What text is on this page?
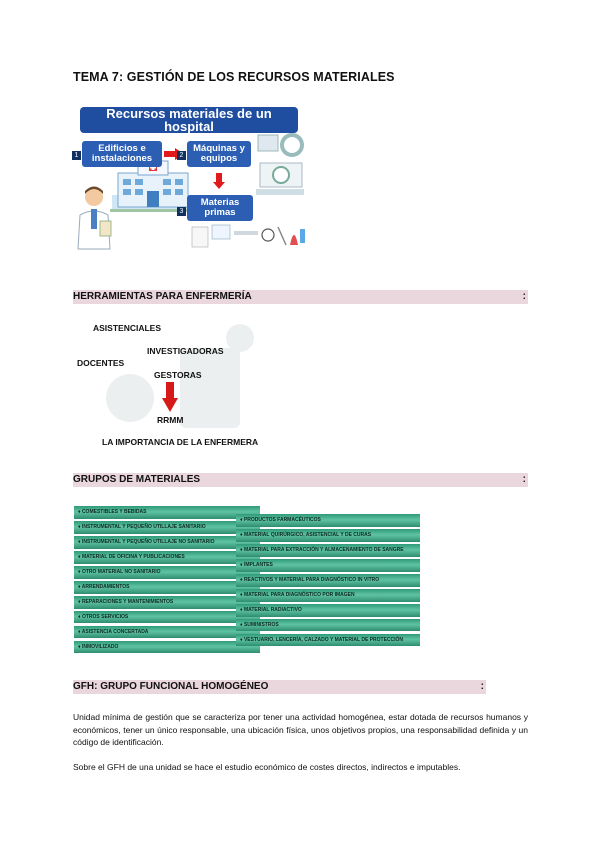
TEMA 7: GESTIÓN DE LOS RECURSOS MATERIALES
Recursos materiales de un hospital
1
Edificios e instalaciones	2
Máquinas y equipos
3
Materias primas
HERRAMIENTAS PARA ENFERMERÍA	:
ASISTENCIALES
INVESTIGADORAS
DOCENTES
GESTORAS
RRMM
LA IMPORTANCIA DE LA ENFERMERA
GRUPOS DE MATERIALES	:
♦ COMESTIBLES Y BEBIDAS
♦ INSTRUMENTAL Y PEQUEÑO UTILLAJE SANITARIO
♦ INSTRUMENTAL Y PEQUEÑO UTILLAJE NO SANITARIO
♦ MATERIAL DE OFICINA Y PUBLICACIONES
♦ OTRO MATERIAL NO SANITARIO
♦ ARRENDAMIENTOS
♦ REPARACIONES Y MANTENIMIENTOS
♦ OTROS SERVICIOS
♦ ASISTENCIA CONCERTADA
♦ INMOVILIZADO
♦ PRODUCTOS FARMACÉUTICOS
♦ MATERIAL QUIRÚRGICO, ASISTENCIAL Y DE CURAS
♦ MATERIAL PARA EXTRACCIÓN Y ALMACENAMIENTO DE SANGRE
♦ IMPLANTES
♦ REACTIVOS Y MATERIAL PARA DIAGNÓSTICO IN VITRO
♦ MATERIAL PARA DIAGNÓSTICO POR IMAGEN
♦ MATERIAL RADIACTIVO
♦ SUMINISTROS
♦ VESTUARIO, LENCERÍA, CALZADO Y MATERIAL DE PROTECCIÓN
GFH: GRUPO FUNCIONAL HOMOGÉNEO	:
Unidad mínima de gestión que se caracteriza por tener una actividad homogénea, estar dotada de recursos humanos y económicos, tener un único responsable, una ubicación física, unos objetivos propios, una responsabilidad definida y un código de identificación.
Sobre el GFH de una unidad se hace el estudio económico de costes directos, indirectos e imputables.
